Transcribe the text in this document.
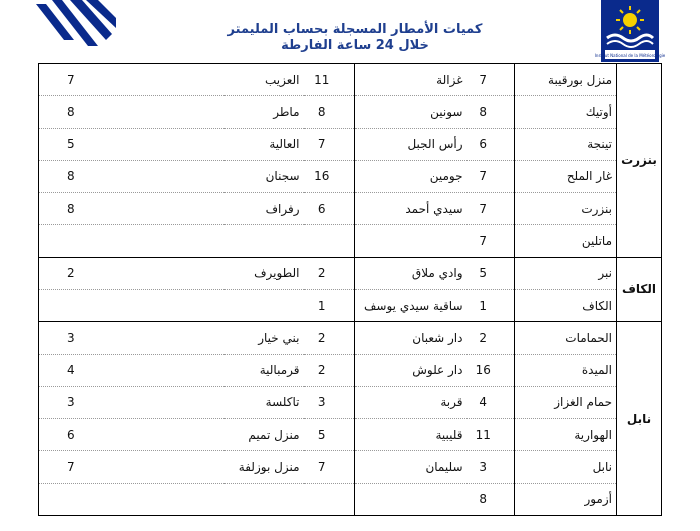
كميات الأمطار المسجلة بحساب المليمتر
خلال 24 ساعة الفارطة
Institut National de la Météorologie
بنزرت	منزل بورقيبة	7	غزالة	11	العزيب	7
	أوتيك	8	سونين	8	ماطر	8
	تينجة	6	رأس الجبل	7	العالية	5
	غار الملح	7	جومين	16	سجنان	8
	بنزرت	7	سيدي أحمد	6	رفراف	8
	ماتلين	7				
الكاف	نبر	5	وادي ملاق	2	الطويرف	2
	الكاف	1	ساقية سيدي يوسف	1		
نابل	الحمامات	2	دار شعبان	2	بني خيار	3
	الميدة	16	دار علوش	2	قرمبالية	4
	حمام الغزاز	4	قربة	3	تاكلسة	3
	الهوارية	11	قليبية	5	منزل تميم	6
	نابل	3	سليمان	7	منزل بوزلفة	7
	أزمور	8				
